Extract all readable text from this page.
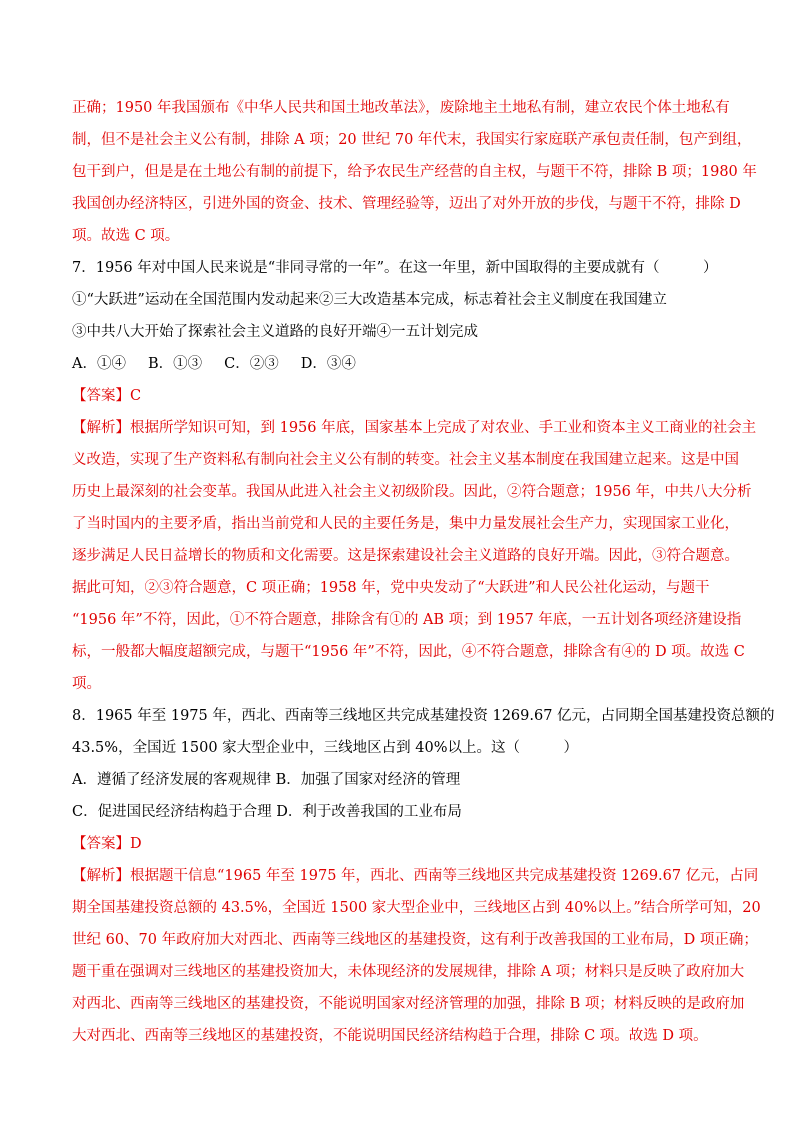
正确；1950 年我国颁布《中华人民共和国土地改革法》，废除地主土地私有制，建立农民个体土地私有
制，但不是社会主义公有制，排除 A 项；20 世纪 70 年代末，我国实行家庭联产承包责任制，包产到组，
包干到户，但是是在土地公有制的前提下，给予农民生产经营的自主权，与题干不符，排除 B 项；1980 年
我国创办经济特区，引进外国的资金、技术、管理经验等，迈出了对外开放的步伐，与题干不符，排除 D
项。故选 C 项。
7．1956 年对中国人民来说是“非同寻常的一年”。在这一年里，新中国取得的主要成就有（　　　）
①“大跃进”运动在全国范围内发动起来②三大改造基本完成，标志着社会主义制度在我国建立
③中共八大开始了探索社会主义道路的良好开端④一五计划完成
A．①④ B．①③ C．②③ D．③④
【答案】C
【解析】根据所学知识可知，到 1956 年底，国家基本上完成了对农业、手工业和资本主义工商业的社会主
义改造，实现了生产资料私有制向社会主义公有制的转变。社会主义基本制度在我国建立起来。这是中国
历史上最深刻的社会变革。我国从此进入社会主义初级阶段。因此，②符合题意；1956 年，中共八大分析
了当时国内的主要矛盾，指出当前党和人民的主要任务是，集中力量发展社会生产力，实现国家工业化，
逐步满足人民日益增长的物质和文化需要。这是探索建设社会主义道路的良好开端。因此，③符合题意。
据此可知，②③符合题意，C 项正确；1958 年，党中央发动了“大跃进”和人民公社化运动，与题干
“1956 年”不符，因此，①不符合题意，排除含有①的 AB 项；到 1957 年底，一五计划各项经济建设指
标，一般都大幅度超额完成，与题干“1956 年”不符，因此，④不符合题意，排除含有④的 D 项。故选 C
项。
8．1965 年至 1975 年，西北、西南等三线地区共完成基建投资 1269.67 亿元，占同期全国基建投资总额的
43.5%，全国近 1500 家大型企业中，三线地区占到 40%以上。这（　　　）
A．遵循了经济发展的客观规律 B．加强了国家对经济的管理
C．促进国民经济结构趋于合理 D．利于改善我国的工业布局
【答案】D
【解析】根据题干信息“1965 年至 1975 年，西北、西南等三线地区共完成基建投资 1269.67 亿元，占同
期全国基建投资总额的 43.5%，全国近 1500 家大型企业中，三线地区占到 40%以上。”结合所学可知，20
世纪 60、70 年政府加大对西北、西南等三线地区的基建投资，这有利于改善我国的工业布局，D 项正确；
题干重在强调对三线地区的基建投资加大，未体现经济的发展规律，排除 A 项；材料只是反映了政府加大
对西北、西南等三线地区的基建投资，不能说明国家对经济管理的加强，排除 B 项；材料反映的是政府加
大对西北、西南等三线地区的基建投资，不能说明国民经济结构趋于合理，排除 C 项。故选 D 项。
